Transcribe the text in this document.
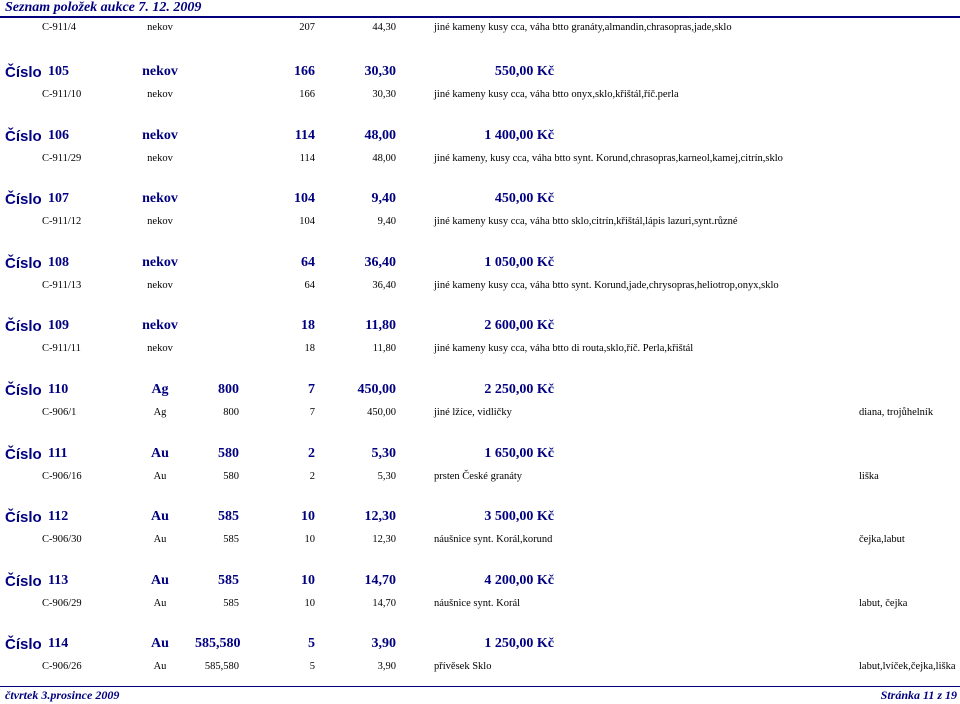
Seznam položek aukce 7. 12. 2009
C-911/4	nekov	207	44,30	jiné kameny kusy cca, váha btto granáty,almandin,chrasopras,jade,sklo
Číslo 105	nekov	166	30,30	550,00 Kč
C-911/10	nekov	166	30,30	jiné kameny kusy cca, váha btto onyx,sklo,křištál,říč.perla
Číslo 106	nekov	114	48,00	1 400,00 Kč
C-911/29	nekov	114	48,00	jiné kameny, kusy cca, váha btto synt. Korund,chrasopras,karneol,kamej,citrín,sklo
Číslo 107	nekov	104	9,40	450,00 Kč
C-911/12	nekov	104	9,40	jiné kameny kusy cca, váha btto sklo,citrín,křištál,lápis lazuri,synt.různé
Číslo 108	nekov	64	36,40	1 050,00 Kč
C-911/13	nekov	64	36,40	jiné kameny kusy cca, váha btto synt. Korund,jade,chrysopras,heliotrop,onyx,sklo
Číslo 109	nekov	18	11,80	2 600,00 Kč
C-911/11	nekov	18	11,80	jiné kameny kusy cca, váha btto di routa,sklo,říč. Perla,křištál
Číslo 110	Ag	800	7	450,00	2 250,00 Kč
C-906/1	Ag	800	7	450,00	jiné lžíce, vidličky	diana, trojůhelník
Číslo 111	Au	580	2	5,30	1 650,00 Kč
C-906/16	Au	580	2	5,30	prsten České granáty	liška
Číslo 112	Au	585	10	12,30	3 500,00 Kč
C-906/30	Au	585	10	12,30	náušnice synt. Korál,korund	čejka,labut
Číslo 113	Au	585	10	14,70	4 200,00 Kč
C-906/29	Au	585	10	14,70	náušnice synt. Korál	labut, čejka
Číslo 114	Au	585,580	5	3,90	1 250,00 Kč
C-906/26	Au	585,580	5	3,90	přívěsek Sklo	labut,lvíček,čejka,liška
čtvrtek 3.prosince 2009	Stránka 11 z 19
